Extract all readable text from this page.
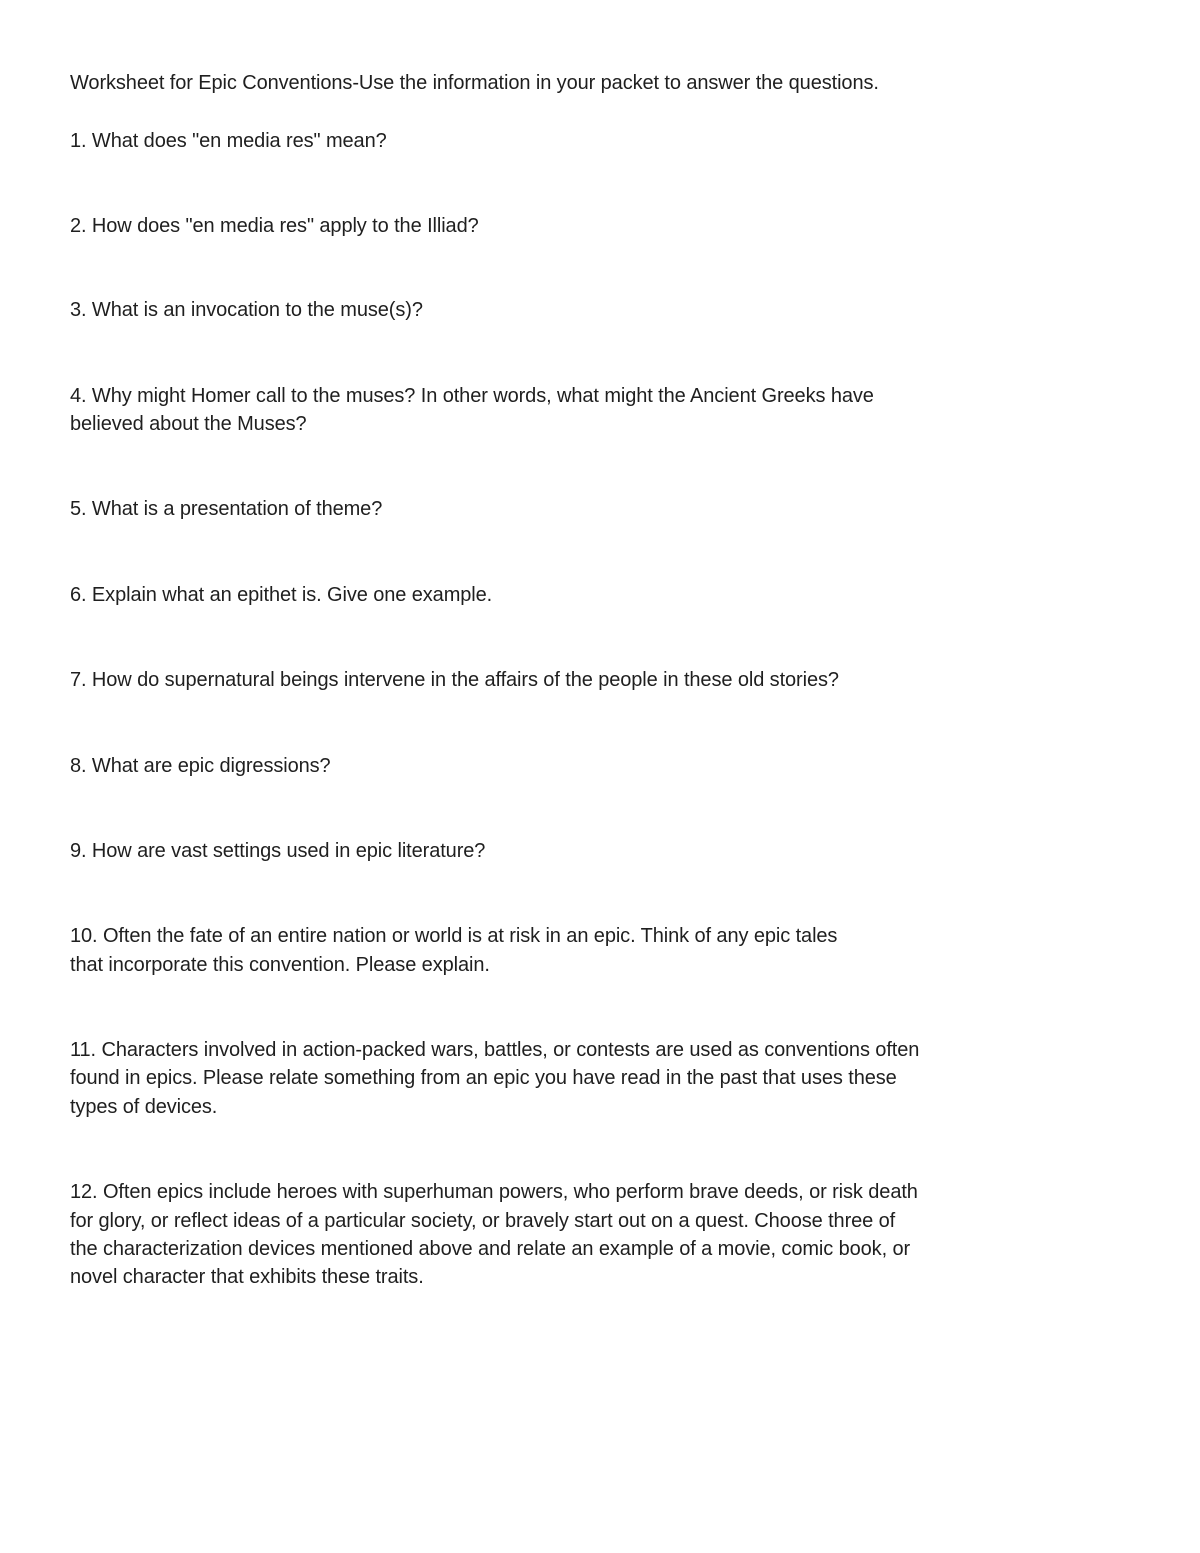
Worksheet for Epic Conventions-Use the information in your packet to answer the questions.

1. What does "en media res" mean?

2. How does "en media res" apply to the Illiad?

3. What is an invocation to the muse(s)?

4. Why might Homer call to the muses? In other words, what might the Ancient Greeks have

believed about the Muses?

5. What is a presentation of theme?

6. Explain what an epithet is. Give one example.

7. How do supernatural beings intervene in the affairs of the people in these old stories?

8. What are epic digressions?

9. How are vast settings used in epic literature?

10. Often the fate of an entire nation or world is at risk in an epic. Think of any epic tales

that incorporate this convention. Please explain.

11. Characters involved in action-packed wars, battles, or contests are used as conventions often

found in epics. Please relate something from an epic you have read in the past that uses these

types of devices.

12. Often epics include heroes with superhuman powers, who perform brave deeds, or risk death

for glory, or reflect ideas of a particular society, or bravely start out on a quest. Choose three of

the characterization devices mentioned above and relate an example of a movie, comic book, or

novel character that exhibits these traits.
